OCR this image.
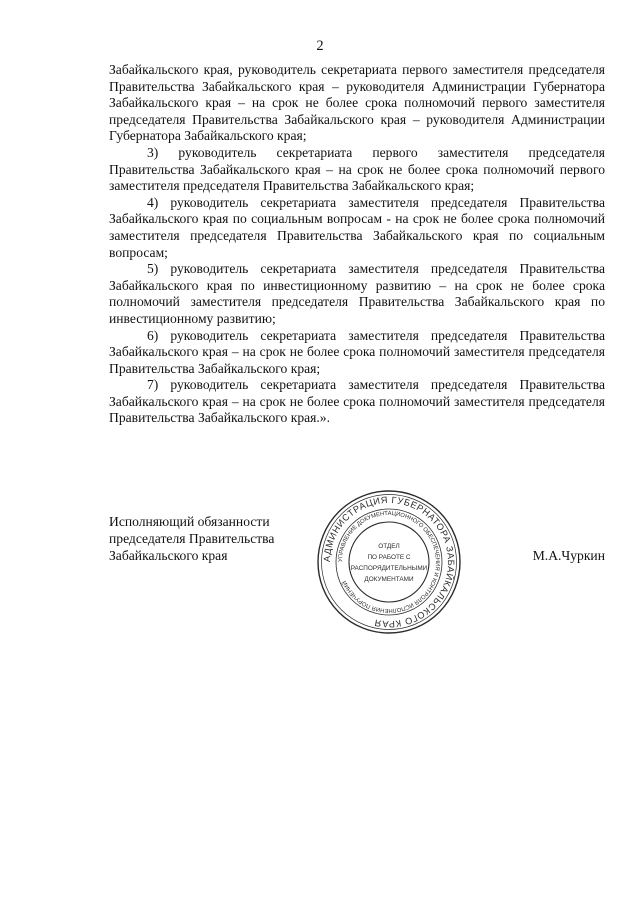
2

Забайкальского края, руководитель секретариата первого заместителя председателя Правительства Забайкальского края – руководителя Администрации Губернатора Забайкальского края – на срок не более срока полномочий первого заместителя председателя Правительства Забайкальского края – руководителя Администрации Губернатора Забайкальского края;

3) руководитель секретариата первого заместителя председателя Правительства Забайкальского края – на срок не более срока полномочий первого заместителя председателя Правительства Забайкальского края;

4) руководитель секретариата заместителя председателя Правительства Забайкальского края по социальным вопросам - на срок не более срока полномочий заместителя председателя Правительства Забайкальского края по социальным вопросам;

5) руководитель секретариата заместителя председателя Правительства Забайкальского края по инвестиционному развитию – на срок не более срока полномочий заместителя председателя Правительства Забайкальского края по инвестиционному развитию;

6) руководитель секретариата заместителя председателя Правительства Забайкальского края – на срок не более срока полномочий заместителя председателя Правительства Забайкальского края;

7) руководитель секретариата заместителя председателя Правительства Забайкальского края – на срок не более срока полномочий заместителя председателя Правительства Забайкальского края.».

Исполняющий обязанности
председателя Правительства
Забайкальского края	М.А.Чуркин
АДМИНИСТРАЦИЯ ГУБЕРНАТОРА ЗАБАЙКАЛЬСКОГО КРАЯ
УПРАВЛЕНИЕ ДОКУМЕНТАЦИОННОГО ОБЕСПЕЧЕНИЯ И КОНТРОЛЯ ИСПОЛНЕНИЯ ПОРУЧЕНИЙ
ОТДЕЛ
ПО РАБОТЕ С
РАСПОРЯДИТЕЛЬНЫМИ
ДОКУМЕНТАМИ
